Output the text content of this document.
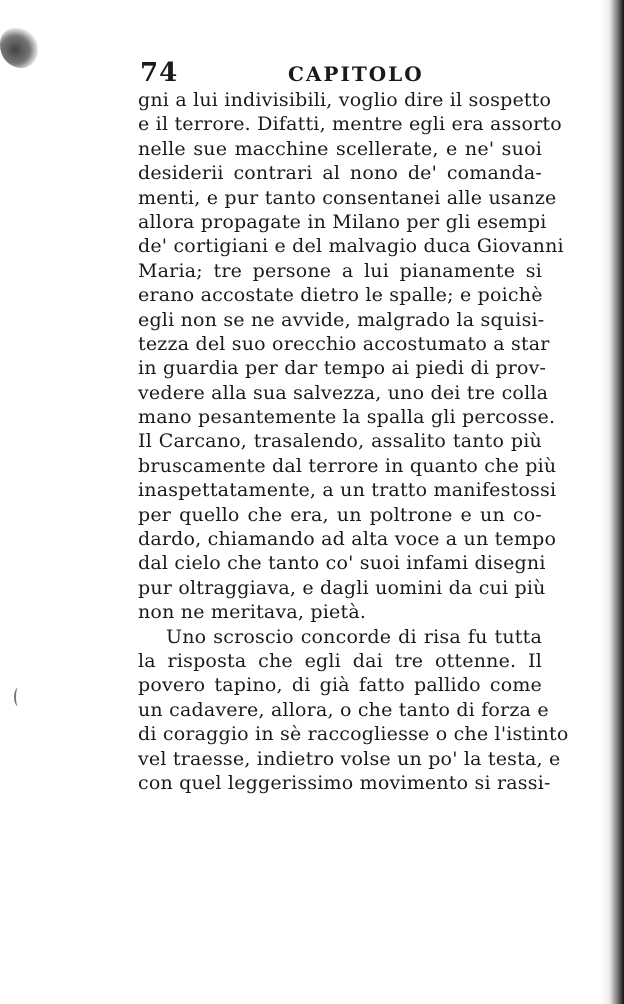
74	CAPITOLO
gni a lui indivisibili, voglio dire il sospetto
e il terrore. Difatti, mentre egli era assorto
nelle sue macchine scellerate, e ne' suoi
desiderii contrari al nono de' comanda-
menti, e pur tanto consentanei alle usanze
allora propagate in Milano per gli esempi
de' cortigiani e del malvagio duca Giovanni
Maria; tre persone a lui pianamente si
erano accostate dietro le spalle; e poichè
egli non se ne avvide, malgrado la squisi-
tezza del suo orecchio accostumato a star
in guardia per dar tempo ai piedi di prov-
vedere alla sua salvezza, uno dei tre colla
mano pesantemente la spalla gli percosse.
Il Carcano, trasalendo, assalito tanto più
bruscamente dal terrore in quanto che più
inaspettatamente, a un tratto manifestossi
per quello che era, un poltrone e un co-
dardo, chiamando ad alta voce a un tempo
dal cielo che tanto co' suoi infami disegni
pur oltraggiava, e dagli uomini da cui più
non ne meritava, pietà.
Uno scroscio concorde di risa fu tutta
la risposta che egli dai tre ottenne. Il
povero tapino, di già fatto pallido come
un cadavere, allora, o che tanto di forza e
di coraggio in sè raccogliesse o che l'istinto
vel traesse, indietro volse un po' la testa, e
con quel leggerissimo movimento si rassi-
